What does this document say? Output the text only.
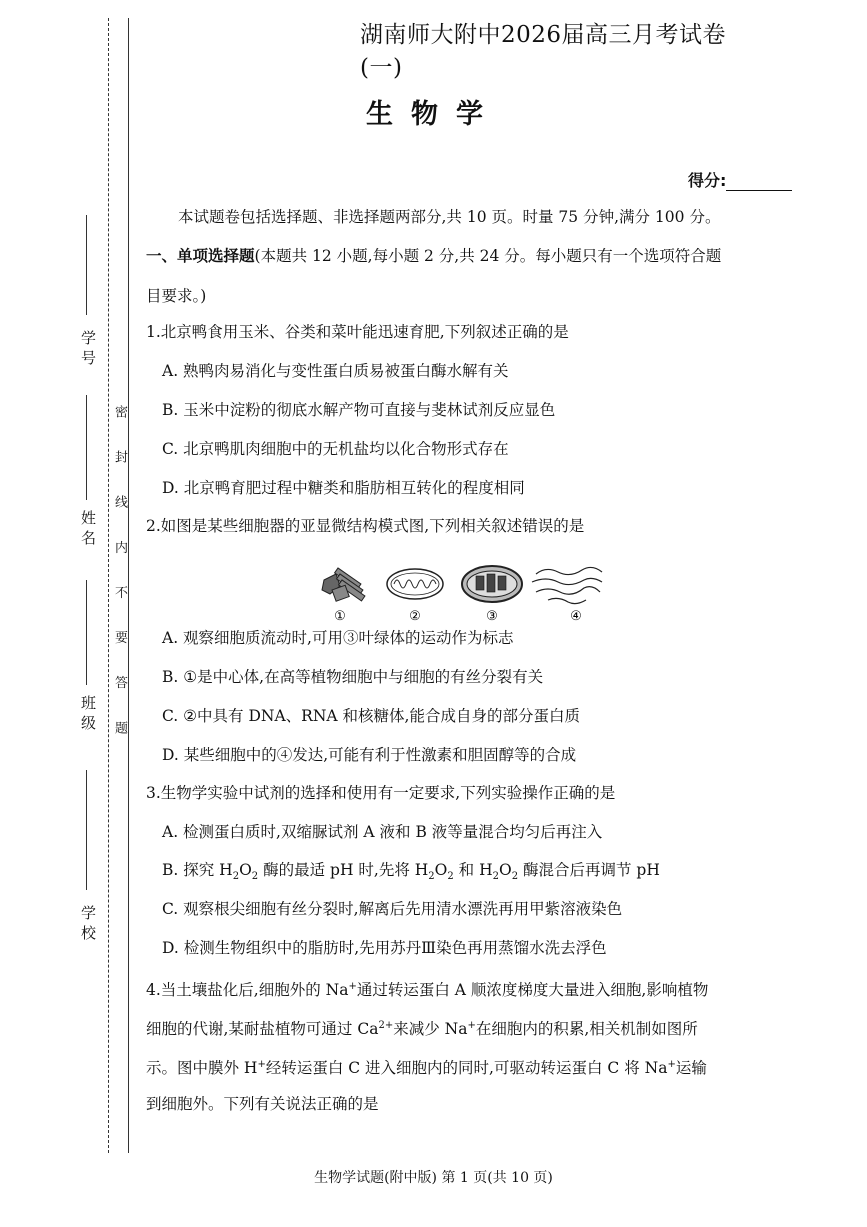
学 号
姓 名
班 级
学 校
密 封 线 内 不 要 答 题
湖南师大附中2026届高三月考试卷(一)
生物学
得分:
本试题卷包括选择题、非选择题两部分,共 10 页。时量 75 分钟,满分 100 分。
一、单项选择题(本题共 12 小题,每小题 2 分,共 24 分。每小题只有一个选项符合题
目要求。)
1.北京鸭食用玉米、谷类和菜叶能迅速育肥,下列叙述正确的是
A. 熟鸭肉易消化与变性蛋白质易被蛋白酶水解有关
B. 玉米中淀粉的彻底水解产物可直接与斐林试剂反应显色
C. 北京鸭肌肉细胞中的无机盐均以化合物形式存在
D. 北京鸭育肥过程中糖类和脂肪相互转化的程度相同
2.如图是某些细胞器的亚显微结构模式图,下列相关叙述错误的是
①	②	③	④
A. 观察细胞质流动时,可用③叶绿体的运动作为标志
B. ①是中心体,在高等植物细胞中与细胞的有丝分裂有关
C. ②中具有 DNA、RNA 和核糖体,能合成自身的部分蛋白质
D. 某些细胞中的④发达,可能有利于性激素和胆固醇等的合成
3.生物学实验中试剂的选择和使用有一定要求,下列实验操作正确的是
A. 检测蛋白质时,双缩脲试剂 A 液和 B 液等量混合均匀后再注入
B. 探究 $H_2O_2$ 酶的最适 pH 时,先将 $H_2O_2$ 和 $H_2O_2$ 酶混合后再调节 pH
C. 观察根尖细胞有丝分裂时,解离后先用清水漂洗再用甲紫溶液染色
D. 检测生物组织中的脂肪时,先用苏丹Ⅲ染色再用蒸馏水洗去浮色
4.当土壤盐化后,细胞外的 Na+通过转运蛋白 A 顺浓度梯度大量进入细胞,影响植物
细胞的代谢,某耐盐植物可通过 $Ca^{2+}$来减少 Na+在细胞内的积累,相关机制如图所
示。图中膜外 H+经转运蛋白 C 进入细胞内的同时,可驱动转运蛋白 C 将 Na+运输
到细胞外。下列有关说法正确的是
生物学试题(附中版) 第 1 页(共 10 页)
